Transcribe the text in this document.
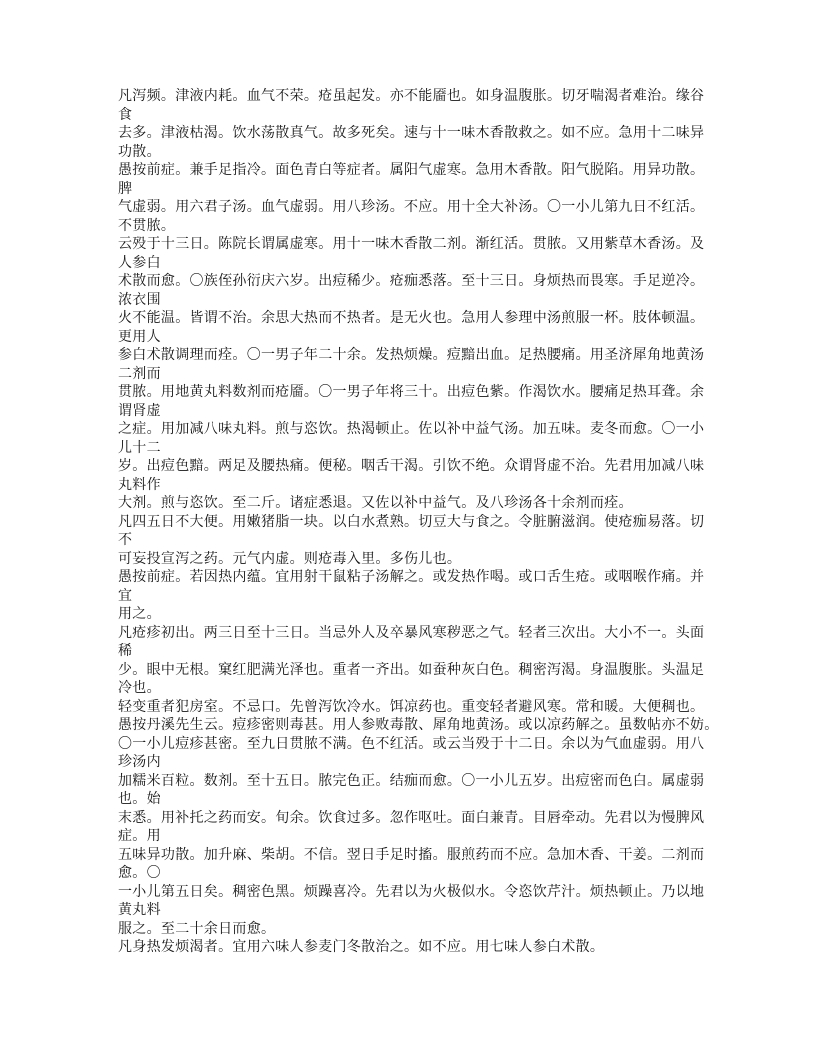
凡泻频。津液内耗。血气不荣。疮虽起发。亦不能靥也。如身温腹胀。切牙喘渴者难治。缘谷
食
去多。津液枯渴。饮水荡散真气。故多死矣。速与十一味木香散救之。如不应。急用十二味异
功散。
愚按前症。兼手足指冷。面色青白等症者。属阳气虚寒。急用木香散。阳气脱陷。用异功散。
脾
气虚弱。用六君子汤。血气虚弱。用八珍汤。不应。用十全大补汤。〇一小儿第九日不红活。
不贯脓。
云殁于十三日。陈院长谓属虚寒。用十一味木香散二剂。渐红活。贯脓。又用紫草木香汤。及
人参白
术散而愈。〇族侄孙衍庆六岁。出痘稀少。疮痂悉落。至十三日。身烦热而畏寒。手足逆冷。
浓衣围
火不能温。皆谓不治。余思大热而不热者。是无火也。急用人参理中汤煎服一杯。肢体顿温。
更用人
参白术散调理而痊。〇一男子年二十余。发热烦燥。痘黯出血。足热腰痛。用圣济犀角地黄汤
二剂而
贯脓。用地黄丸料数剂而疮靥。〇一男子年将三十。出痘色紫。作渴饮水。腰痛足热耳聋。余
谓肾虚
之症。用加减八味丸料。煎与恣饮。热渴顿止。佐以补中益气汤。加五味。麦冬而愈。〇一小
儿十二
岁。出痘色黯。两足及腰热痛。便秘。咽舌干渴。引饮不绝。众谓肾虚不治。先君用加减八味
丸料作
大剂。煎与恣饮。至二斤。诸症悉退。又佐以补中益气。及八珍汤各十余剂而痊。
凡四五日不大便。用嫩猪脂一块。以白水煮熟。切豆大与食之。令脏腑滋润。使疮痂易落。切
不
可妄投宣泻之药。元气内虚。则疮毒入里。多伤儿也。
愚按前症。若因热内蕴。宜用射干鼠粘子汤解之。或发热作喝。或口舌生疮。或咽喉作痛。并
宜
用之。
凡疮疹初出。两三日至十三日。当忌外人及卒暴风寒秽恶之气。轻者三次出。大小不一。头面
稀
少。眼中无根。窠红肥满光泽也。重者一齐出。如蚕种灰白色。稠密泻渴。身温腹胀。头温足
冷也。
轻变重者犯房室。不忌口。先曾泻饮冷水。饵凉药也。重变轻者避风寒。常和暖。大便稠也。
愚按丹溪先生云。痘疹密则毒甚。用人参败毒散、犀角地黄汤。或以凉药解之。虽数帖亦不妨。
〇一小儿痘疹甚密。至九日贯脓不满。色不红活。或云当殁于十二日。余以为气血虚弱。用八
珍汤内
加糯米百粒。数剂。至十五日。脓完色正。结痂而愈。〇一小儿五岁。出痘密而色白。属虚弱
也。始
末悉。用补托之药而安。旬余。饮食过多。忽作呕吐。面白兼青。目唇牵动。先君以为慢脾风
症。用
五味异功散。加升麻、柴胡。不信。翌日手足时搐。服煎药而不应。急加木香、干姜。二剂而
愈。〇
一小儿第五日矣。稠密色黑。烦躁喜冷。先君以为火极似水。令恣饮芹汁。烦热顿止。乃以地
黄丸料
服之。至二十余日而愈。
凡身热发烦渴者。宜用六味人参麦门冬散治之。如不应。用七味人参白术散。
